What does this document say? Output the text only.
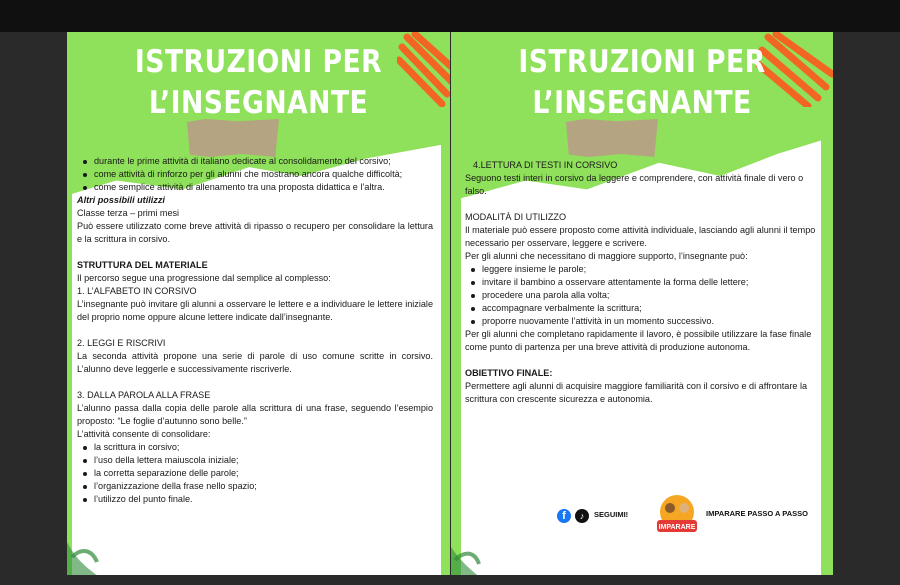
ISTRUZIONI PER
L’INSEGNANTE
durante le prime attività di italiano dedicate al consolidamento del corsivo;
come attività di rinforzo per gli alunni che mostrano ancora qualche difficoltà;
come semplice attività di allenamento tra una proposta didattica e l’altra.

Altri possibili utilizzi

Classe terza – primi mesi

Può essere utilizzato come breve attività di ripasso o recupero per consolidare la lettura e la scrittura in corsivo.

STRUTTURA DEL MATERIALE

Il percorso segue una progressione dal semplice al complesso:

1. L’ALFABETO IN CORSIVO

L’insegnante può invitare gli alunni a osservare le lettere e a individuare le lettere iniziale del proprio nome oppure alcune lettere indicate dall’insegnante.

2. LEGGI E RISCRIVI

La seconda attività propone una serie di parole di uso comune scritte in corsivo. L’alunno deve leggerle e successivamente riscriverle.

3. DALLA PAROLA ALLA FRASE

L’alunno passa dalla copia delle parole alla scrittura di una frase, seguendo l’esempio proposto: “Le foglie d’autunno sono belle.”

L’attività consente di consolidare:

la scrittura in corsivo;
l’uso della lettera maiuscola iniziale;
la corretta separazione delle parole;
l’organizzazione della frase nello spazio;
l’utilizzo del punto finale.
ISTRUZIONI PER
L’INSEGNANTE

4.LETTURA DI TESTI IN CORSIVO

Seguono testi interi in corsivo da leggere e comprendere, con attività finale di vero o falso.

MODALITÀ DI UTILIZZO

Il materiale può essere proposto come attività individuale, lasciando agli alunni il tempo necessario per osservare, leggere e scrivere.

Per gli alunni che necessitano di maggiore supporto, l’insegnante può:

leggere insieme le parole;
invitare il bambino a osservare attentamente la forma delle lettere;
procedere una parola alla volta;
accompagnare verbalmente la scrittura;
proporre nuovamente l’attività in un momento successivo.

Per gli alunni che completano rapidamente il lavoro, è possibile utilizzare la fase finale come punto di partenza per una breve attività di produzione autonoma.

OBIETTIVO FINALE:

Permettere agli alunni di acquisire maggiore familiarità con il corsivo e di affrontare la scrittura con crescente sicurezza e autonomia.

f	♪	SEGUIMI!
IMPARARE
IMPARARE PASSO A PASSO
